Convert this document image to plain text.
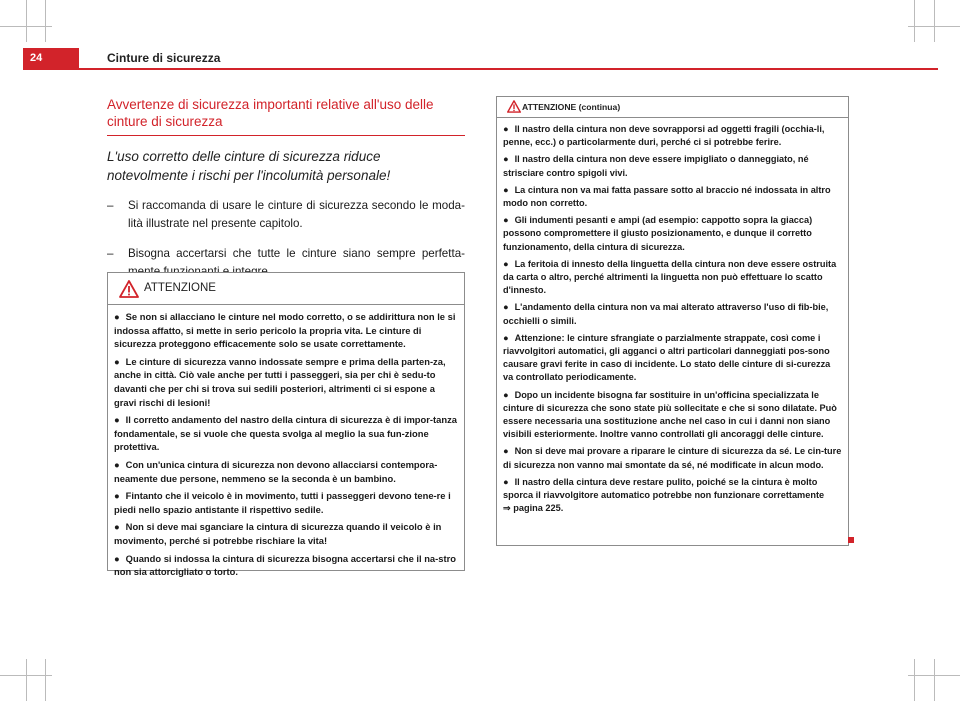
24	Cinture di sicurezza
Avvertenze di sicurezza importanti relative all'uso delle cinture di sicurezza
L'uso corretto delle cinture di sicurezza riduce notevolmente i rischi per l'incolumità personale!
– Si raccomanda di usare le cinture di sicurezza secondo le moda-lità illustrate nel presente capitolo.
– Bisogna accertarsi che tutte le cinture siano sempre perfetta-
ATTENZIONE
● Se non si allacciano le cinture nel modo corretto, o se addirittura non le si indossa affatto, si mette in serio pericolo la propria vita. Le cinture di sicurezza proteggono efficacemente solo se usate correttamente.
● Le cinture di sicurezza vanno indossate sempre e prima della parten-za, anche in città. Ciò vale anche per tutti i passeggeri, sia per chi è sedu-to davanti che per chi si trova sui sedili posteriori, altrimenti ci si espone a gravi rischi di lesioni!
● Il corretto andamento del nastro della cintura di sicurezza è di impor-tanza fondamentale, se si vuole che questa svolga al meglio la sua fun-zione protettiva.
● Con un'unica cintura di sicurezza non devono allacciarsi contempora-neamente due persone, nemmeno se la seconda è un bambino.
● Fintanto che il veicolo è in movimento, tutti i passeggeri devono tene-re i piedi nello spazio antistante il rispettivo sedile.
● Non si deve mai sganciare la cintura di sicurezza quando il veicolo è in movimento, perché si potrebbe rischiare la vita!
● Quando si indossa la cintura di sicurezza bisogna accertarsi che il na-stro non sia attorcigliato o torto.
ATTENZIONE (continua)
● Il nastro della cintura non deve sovrapporsi ad oggetti fragili (occhia-li, penne, ecc.) o particolarmente duri, perché ci si potrebbe ferire.
● Il nastro della cintura non deve essere impigliato o danneggiato, né strisciare contro spigoli vivi.
● La cintura non va mai fatta passare sotto al braccio né indossata in altro modo non corretto.
● Gli indumenti pesanti e ampi (ad esempio: cappotto sopra la giacca) possono compromettere il giusto posizionamento, e dunque il corretto funzionamento, della cintura di sicurezza.
● La feritoia di innesto della linguetta della cintura non deve essere ostruita da carta o altro, perché altrimenti la linguetta non può effettuare lo scatto d'innesto.
● L'andamento della cintura non va mai alterato attraverso l'uso di fib-bie, occhielli o simili.
● Attenzione: le cinture sfrangiate o parzialmente strappate, così come i riavvolgitori automatici, gli agganci o altri particolari danneggiati pos-sono causare gravi ferite in caso di incidente. Lo stato delle cinture di si-curezza va controllato periodicamente.
● Dopo un incidente bisogna far sostituire in un'officina specializzata le cinture di sicurezza che sono state più sollecitate e che si sono dilatate. Può essere necessaria una sostituzione anche nel caso in cui i danni non siano visibili esteriormente. Inoltre vanno controllati gli ancoraggi delle cinture.
● Non si deve mai provare a riparare le cinture di sicurezza da sé. Le cin-ture di sicurezza non vanno mai smontate da sé, né modificate in alcun modo.
● Il nastro della cintura deve restare pulito, poiché se la cintura è molto sporca il riavvolgitore automatico potrebbe non funzionare correttamente
⇒ pagina 225.
